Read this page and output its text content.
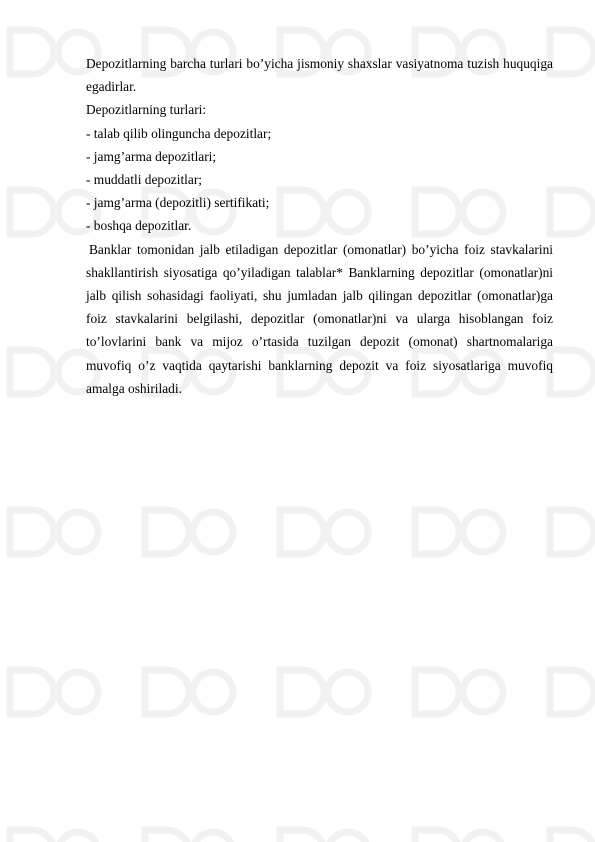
Depozitlarning barcha turlari bo’yicha jismoniy shaxslar vasiyatnoma tuzish huquqiga egadirlar.

Depozitlarning turlari:

- talab qilib olinguncha depozitlar;
- jamg’arma depozitlari;
- muddatli depozitlar;
- jamg’arma (depozitli) sertifikati;
- boshqa depozitlar.

Banklar tomonidan jalb etiladigan depozitlar (omonatlar) bo’yicha foiz stavkalarini shakllantirish siyosatiga qo’yiladigan talablar* Banklarning depozitlar (omonatlar)ni jalb qilish sohasidagi faoliyati, shu jumladan jalb qilingan depozitlar (omonatlar)ga foiz stavkalarini belgilashi, depozitlar (omonatlar)ni va ularga hisoblangan foiz to’lovlarini bank va mijoz o’rtasida tuzilgan depozit (omonat) shartnomalariga muvofiq o’z vaqtida qaytarishi banklarning depozit va foiz siyosatlariga muvofiq amalga oshiriladi.
